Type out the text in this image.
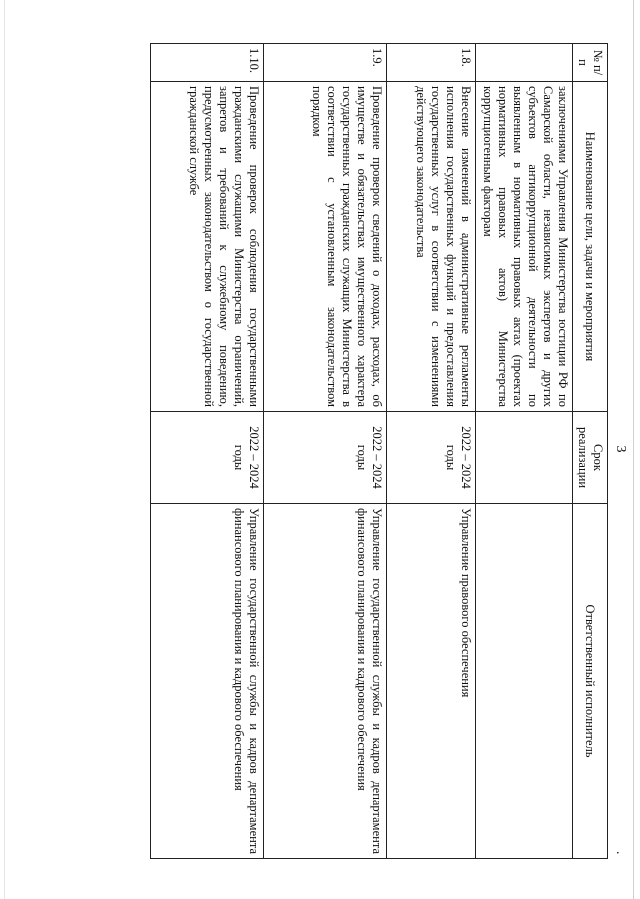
3
·
№ п/п	Наименование цели, задачи и мероприятия	Срок реализации	Ответственный исполнитель
	заключениями Управления Министерства юстиции РФ по Самарской области, независимых экспертов и других субъектов антикоррупционной деятельности по выявленным в нормативных правовых актах (проектах нормативных правовых актов) Министерства коррупциогенным факторам		
1.8.	Внесение изменений в административные регламенты исполнения государственных функций и предоставления государственных услуг в соответствии с изменениями действующего законодательства	2022 – 2024 годы	Управление правового обеспечения
1.9.	Проведение проверок сведений о доходах, расходах, об имуществе и обязательствах имущественного характера государственных гражданских служащих Министерства в соответствии с установленным законодательством порядком	2022 – 2024 годы	Управление государственной службы и кадров департамента финансового планирования и кадрового обеспечения
1.10.	Проведение проверок соблюдения государственными гражданскими служащими Министерства ограничений, запретов и требований к служебному поведению, предусмотренных законодательством о государственной гражданской службе	2022 – 2024 годы	Управление государственной службы и кадров департамента финансового планирования и кадрового обеспечения
